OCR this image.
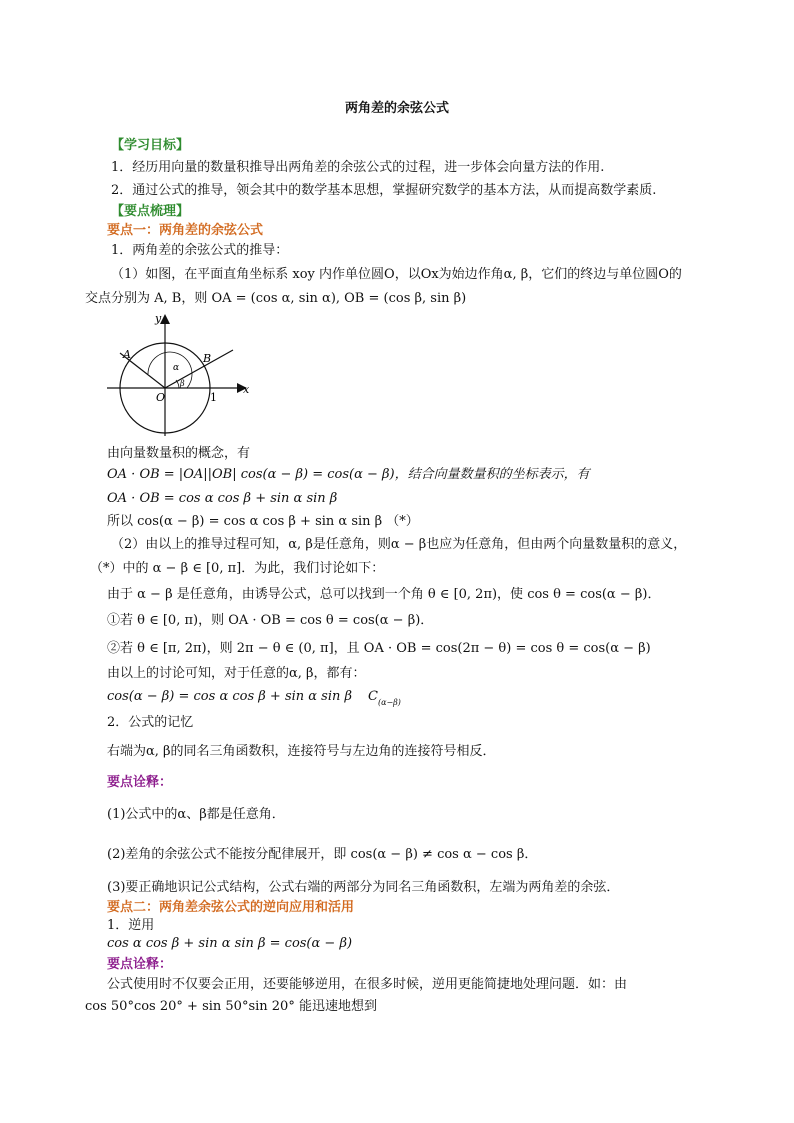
两角差的余弦公式
【学习目标】
1．经历用向量的数量积推导出两角差的余弦公式的过程，进一步体会向量方法的作用.
2．通过公式的推导，领会其中的数学基本思想，掌握研究数学的基本方法，从而提高数学素质.
【要点梳理】
要点一：两角差的余弦公式
1．两角差的余弦公式的推导：
（1）如图，在平面直角坐标系 xoy 内作单位圆O，以Ox为始边作角α, β，它们的终边与单位圆O的
交点分别为 A, B，则 OA = (cos α, sin α), OB = (cos β, sin β)
y
x
A	B
O	1
α
β
由向量数量积的概念，有
OA · OB = |OA||OB| cos(α − β) = cos(α − β)，结合向量数量积的坐标表示，有
OA · OB = cos α cos β + sin α sin β
所以 cos(α − β) = cos α cos β + sin α sin β （*）
（2）由以上的推导过程可知，α, β是任意角，则α − β也应为任意角，但由两个向量数量积的意义，
（*）中的 α − β ∈ [0, π]．为此，我们讨论如下：
由于 α − β 是任意角，由诱导公式，总可以找到一个角 θ ∈ [0, 2π)，使 cos θ = cos(α − β)．
①若 θ ∈ [0, π)，则 OA · OB = cos θ = cos(α − β)．
②若 θ ∈ [π, 2π)，则 2π − θ ∈ (0, π]，且 OA · OB = cos(2π − θ) = cos θ = cos(α − β)
由以上的讨论可知，对于任意的α, β，都有：
cos(α − β) = cos α cos β + sin α sin β $C_{(\alpha-\beta)}$
2．公式的记忆
右端为α, β的同名三角函数积，连接符号与左边角的连接符号相反．
要点诠释：
(1)公式中的α、β都是任意角．
(2)差角的余弦公式不能按分配律展开，即 cos(α − β) ≠ cos α − cos β．
(3)要正确地识记公式结构，公式右端的两部分为同名三角函数积，左端为两角差的余弦．
要点二：两角差余弦公式的逆向应用和活用
1．逆用
cos α cos β + sin α sin β = cos(α − β)
要点诠释：
公式使用时不仅要会正用，还要能够逆用，在很多时候，逆用更能简捷地处理问题．如：由
cos 50°cos 20° + sin 50°sin 20° 能迅速地想到
